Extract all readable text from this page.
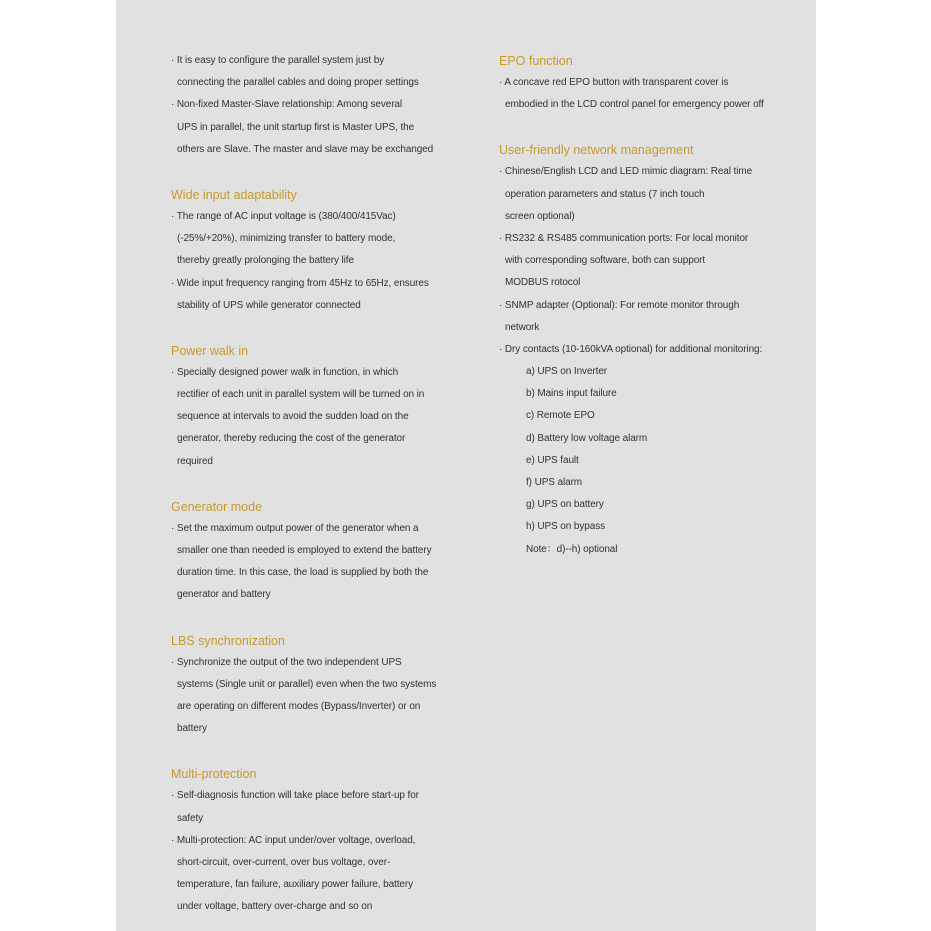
· It is easy to configure the parallel system just by
connecting the parallel cables and doing proper settings
· Non-fixed Master-Slave relationship: Among several
UPS in parallel, the unit startup first is Master UPS, the
others are Slave. The master and slave may be exchanged
Wide input adaptability
· The range of AC input voltage is (380/400/415Vac)
(-25%/+20%), minimizing transfer to battery mode,
thereby greatly prolonging the battery life
· Wide input frequency ranging from 45Hz to 65Hz, ensures
stability of UPS while generator connected
Power walk in
· Specially designed power walk in function, in which
rectifier of each unit in parallel system will be turned on in
sequence at intervals to avoid the sudden load on the
generator, thereby reducing the cost of the generator
required
Generator mode
· Set the maximum output power of the generator when a
smaller one than needed is employed to extend the battery
duration time. In this case, the load is supplied by both the
generator and battery
LBS synchronization
· Synchronize the output of the two independent UPS
systems (Single unit or parallel) even when the two systems
are operating on different modes (Bypass/Inverter) or on
battery
Multi-protection
· Self-diagnosis function will take place before start-up for
safety
· Multi-protection: AC input under/over voltage, overload,
short-circuit, over-current, over bus voltage, over-
temperature, fan failure, auxiliary power failure, battery
under voltage, battery over-charge and so on
EPO function
· A concave red EPO button with transparent cover is
embodied in the LCD control panel for emergency power off
User-friendly network management
· Chinese/English LCD and LED mimic diagram: Real time
operation parameters and status (7 inch touch
screen optional)
· RS232 & RS485 communication ports: For local monitor
with corresponding software, both can support
MODBUS rotocol
· SNMP adapter (Optional): For remote monitor through
network
· Dry contacts (10-160kVA optional) for additional monitoring:
a) UPS on Inverter
b) Mains input failure
c) Remote EPO
d) Battery low voltage alarm
e) UPS fault
f) UPS alarm
g) UPS on battery
h) UPS on bypass
Note：d)--h) optional
